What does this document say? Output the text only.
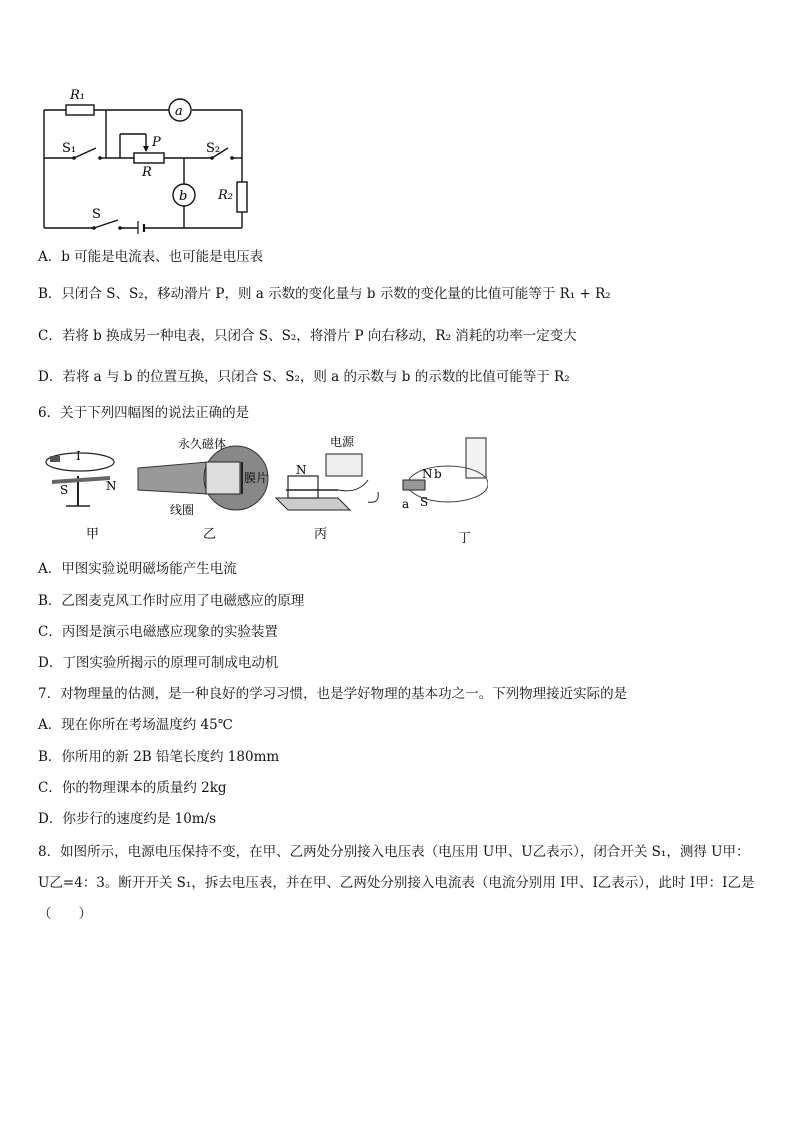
R₁
a
S₁	P
R
S₂
b R₂
S
A．b 可能是电流表、也可能是电压表
B．只闭合 S、S₂，移动滑片 P，则 a 示数的变化量与 b 示数的变化量的比值可能等于 R₁ + R₂
C．若将 b 换成另一种电表，只闭合 S、S₂，将滑片 P 向右移动，R₂ 消耗的功率一定变大
D．若将 a 与 b 的位置互换，只闭合 S、S₂，则 a 的示数与 b 的示数的比值可能等于 R₂
6．关于下列四幅图的说法正确的是
I
S	N
甲
永久磁体
膜片
线圈
乙
电源
N
丙
N b
a S
丁
A．甲图实验说明磁场能产生电流
B．乙图麦克风工作时应用了电磁感应的原理
C．丙图是演示电磁感应现象的实验装置
D．丁图实验所揭示的原理可制成电动机
7．对物理量的估测，是一种良好的学习习惯，也是学好物理的基本功之一。下列物理接近实际的是
A．现在你所在考场温度约 45℃
B．你所用的新 2B 铅笔长度约 180mm
C．你的物理课本的质量约 2kg
D．你步行的速度约是 10m/s
8．如图所示，电源电压保持不变，在甲、乙两处分别接入电压表（电压用 U甲、U乙表示），闭合开关 S₁，测得 U甲：
U乙=4：3。断开开关 S₁，拆去电压表，并在甲、乙两处分别接入电流表（电流分别用 I甲、I乙表示），此时 I甲：I乙是
（　　）
